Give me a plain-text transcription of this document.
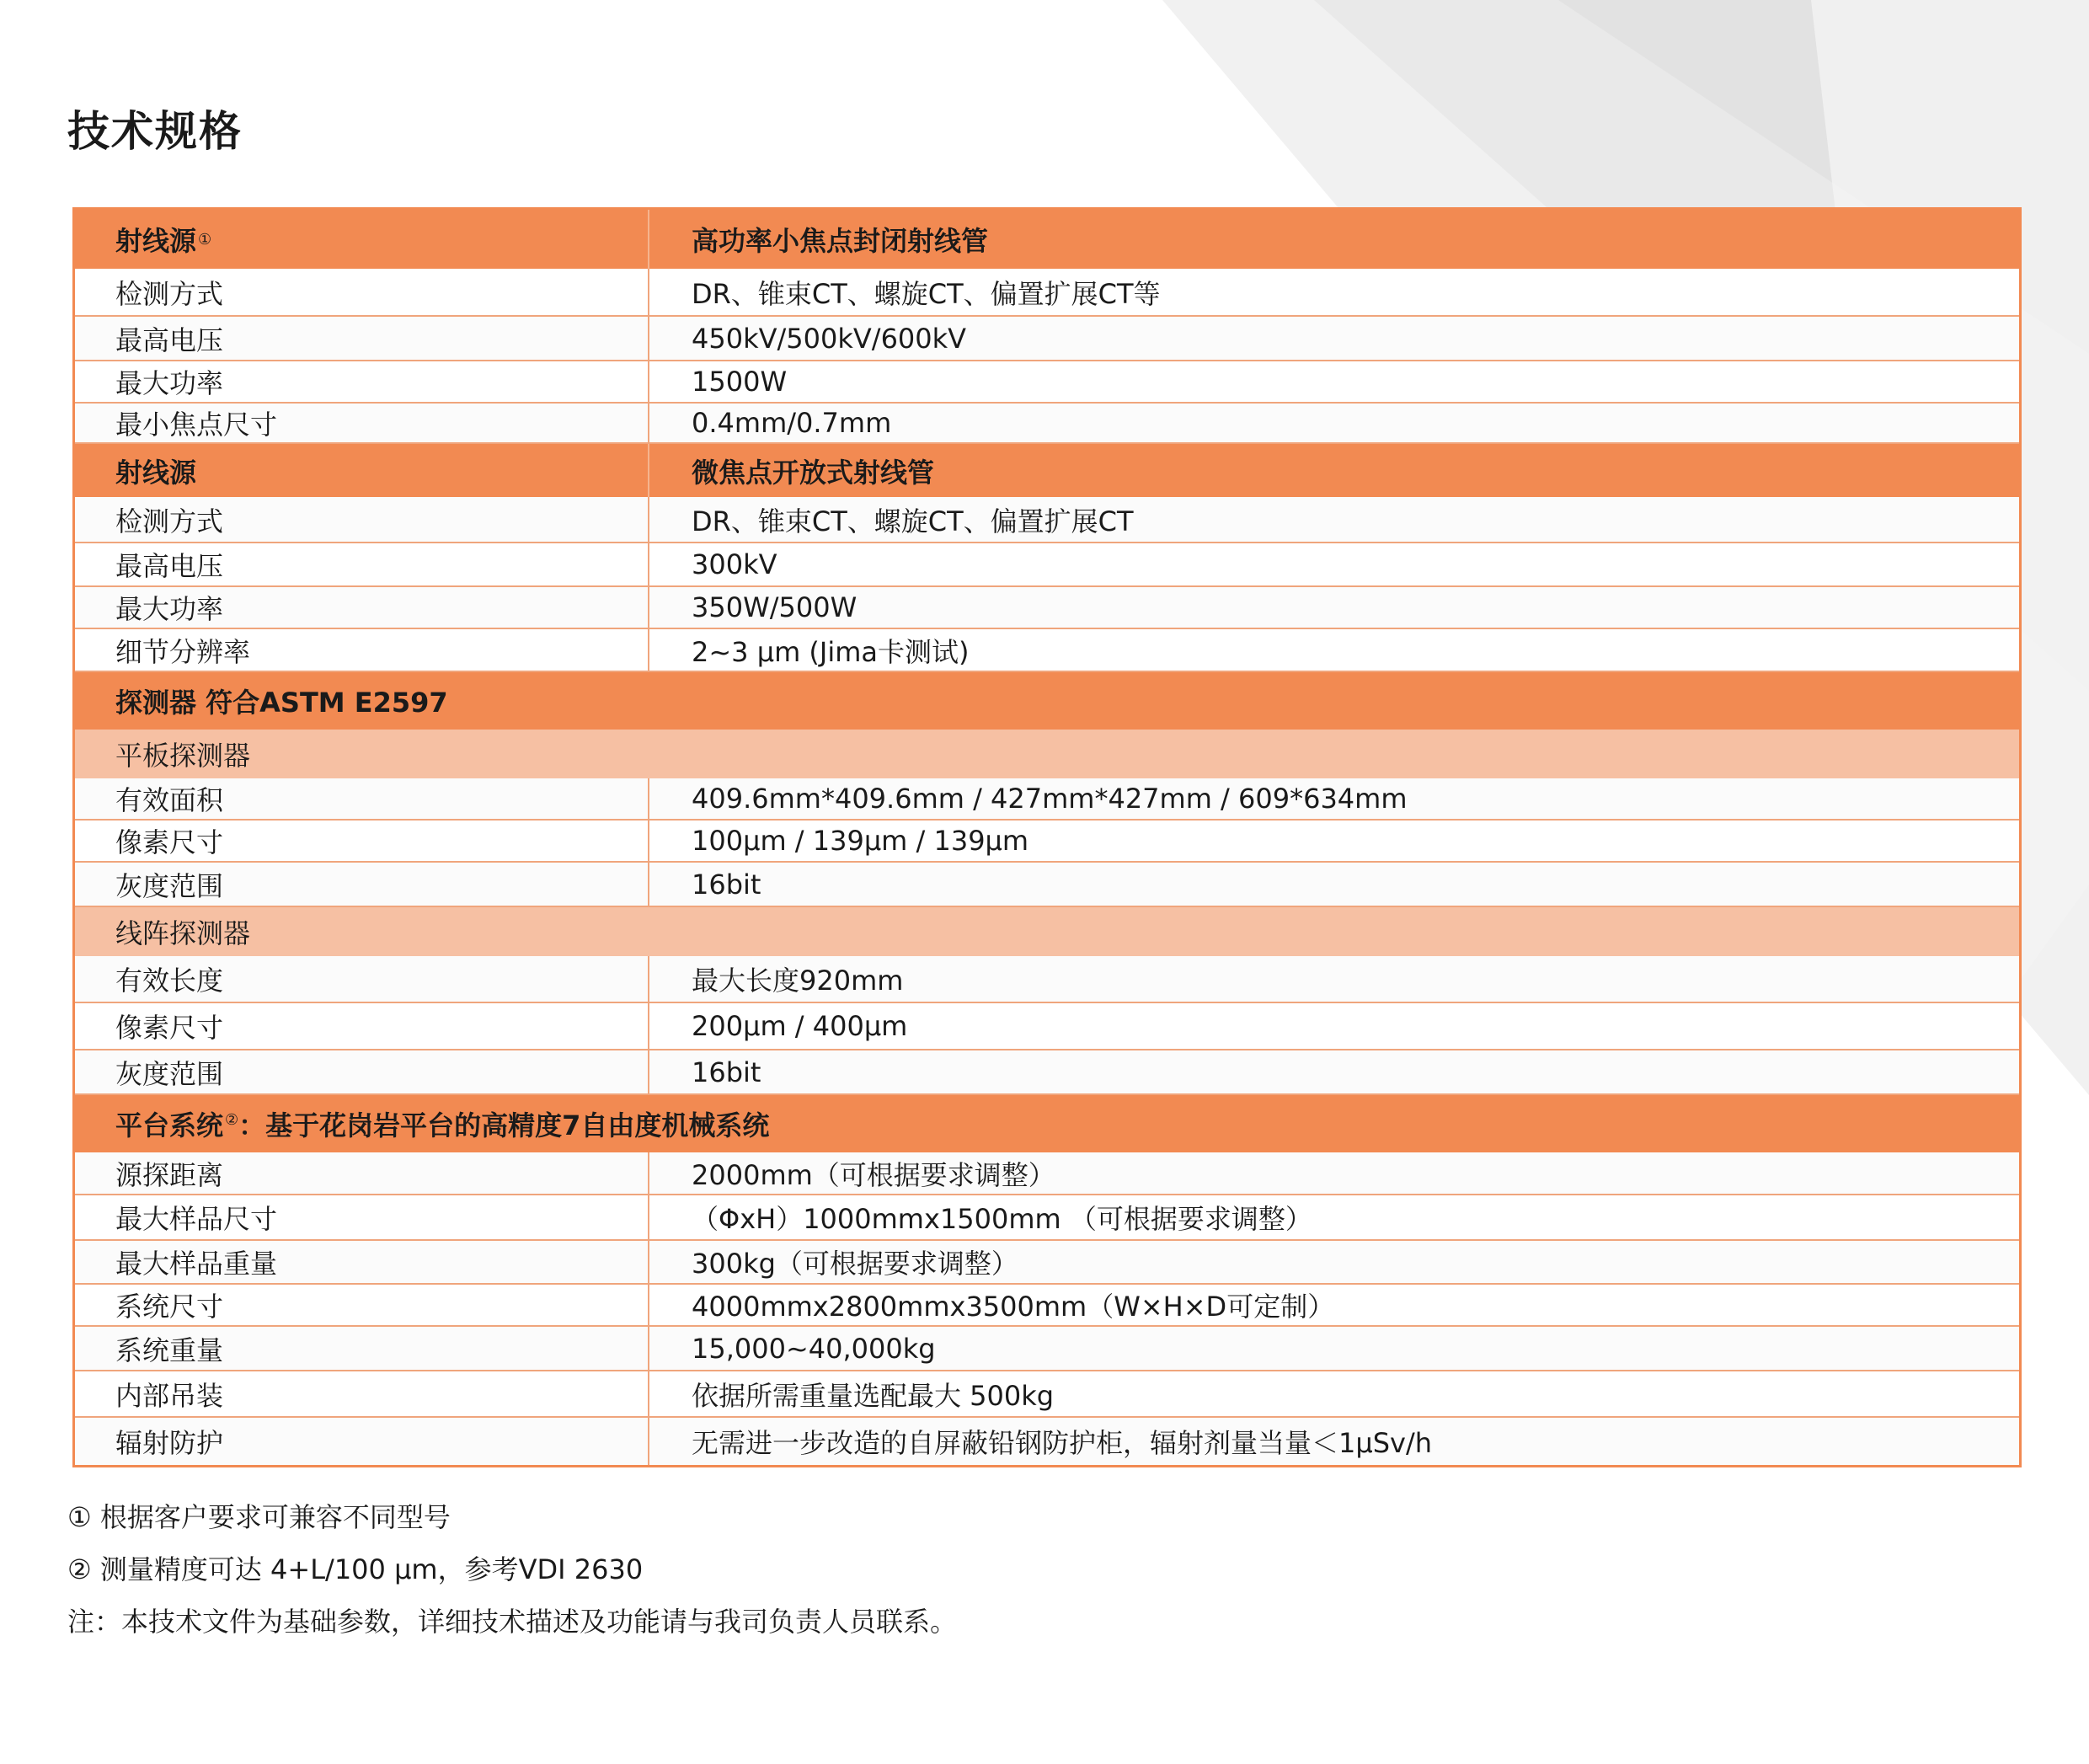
技术规格
射线源 ①	高功率小焦点封闭射线管
检测方式	DR、锥束CT、螺旋CT、偏置扩展CT等
最高电压	450kV/500kV/600kV
最大功率	1500W
最小焦点尺寸	0.4mm/0.7mm
射线源	微焦点开放式射线管
检测方式	DR、锥束CT、螺旋CT、偏置扩展CT
最高电压	300kV
最大功率	350W/500W
细节分辨率	2~3 µm (Jima卡测试)
探测器 符合ASTM E2597
平板探测器
有效面积	409.6mm*409.6mm / 427mm*427mm / 609*634mm
像素尺寸	100µm / 139µm / 139µm
灰度范围	16bit
线阵探测器
有效长度	最大长度920mm
像素尺寸	200µm / 400µm
灰度范围	16bit
平台系统 ②：基于花岗岩平台的高精度7自由度机械系统
源探距离	2000mm（可根据要求调整）
最大样品尺寸	（ΦxH）1000mmx1500mm （可根据要求调整）
最大样品重量	300kg（可根据要求调整）
系统尺寸	4000mmx2800mmx3500mm（W×H×D可定制）
系统重量	15,000~40,000kg
内部吊装	依据所需重量选配最大 500kg
辐射防护	无需进一步改造的自屏蔽铅钢防护柜，辐射剂量当量＜1µSv/h
① 根据客户要求可兼容不同型号
② 测量精度可达 4+L/100 µm，参考VDI 2630
注：本技术文件为基础参数，详细技术描述及功能请与我司负责人员联系。
